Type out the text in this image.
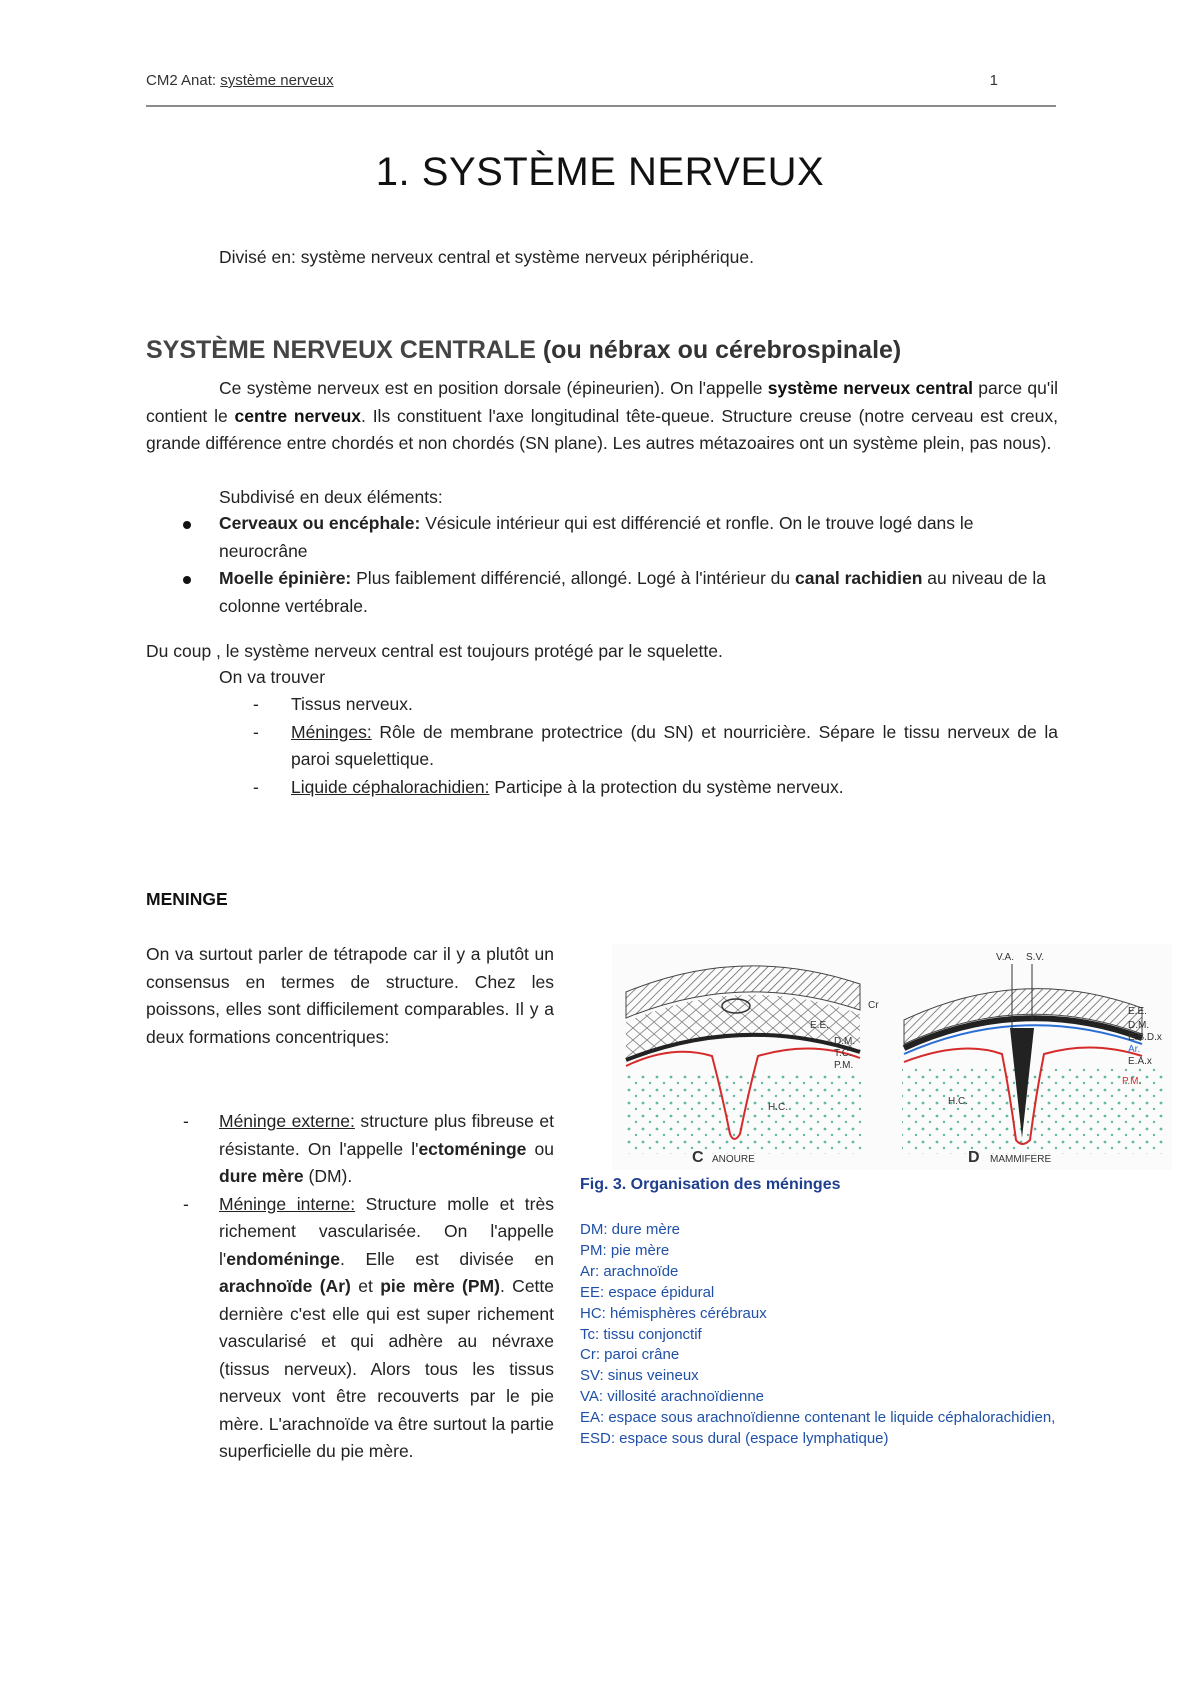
CM2 Anat: système nerveux	1
1. SYSTÈME NERVEUX
Divisé en: système nerveux central et système nerveux périphérique.
SYSTÈME NERVEUX CENTRALE (ou nébrax ou cérebrospinale)
Ce système nerveux est en position dorsale (épineurien). On l'appelle système nerveux central parce qu'il contient le centre nerveux. Ils constituent l'axe longitudinal tête-queue. Structure creuse (notre cerveau est creux, grande différence entre chordés et non chordés (SN plane). Les autres métazoaires ont un système plein, pas nous).
Subdivisé en deux éléments:
Cerveaux ou encéphale: Vésicule intérieur qui est différencié et ronfle. On le trouve logé dans le neurocrâne
Moelle épinière: Plus faiblement différencié, allongé. Logé à l'intérieur du canal rachidien au niveau de la colonne vertébrale.
Du coup , le système nerveux central est toujours protégé par le squelette.
On va trouver
- Tissus nerveux.
- Méninges: Rôle de membrane protectrice (du SN) et nourricière. Sépare le tissu nerveux de la paroi squelettique.
- Liquide céphalorachidien: Participe à la protection du système nerveux.
MENINGE
On va surtout parler de tétrapode car il y a plutôt un consensus en termes de structure. Chez les poissons, elles sont difficilement comparables. Il y a deux formations concentriques:
- Méninge externe: structure plus fibreuse et résistante. On l'appelle l'ectoméninge ou dure mère (DM).
- Méninge interne: Structure molle et très richement vascularisée. On l'appelle l'endoméninge. Elle est divisée en arachnoïde (Ar) et pie mère (PM). Cette dernière c'est elle qui est super richement vascularisé et qui adhère au névraxe (tissus nerveux). Alors tous les tissus nerveux vont être recouverts par le pie mère. L'arachnoïde va être surtout la partie superficielle du pie mère.
Cr
E.E.
D.M.
T.C.
P.M.
H.C.
C ANOURE
V.A. S.V.
E.E.
D.M.
E.S.D.x
Ar.
E.A.x
P.M.
H.C.
D MAMMIFERE
Fig. 3. Organisation des méninges
DM: dure mère
PM: pie mère
Ar: arachnoïde
EE: espace épidural
HC: hémisphères cérébraux
Tc: tissu conjonctif
Cr: paroi crâne
SV: sinus veineux
VA: villosité arachnoïdienne
EA: espace sous arachnoïdienne contenant le liquide céphalorachidien,
ESD: espace sous dural (espace lymphatique)
